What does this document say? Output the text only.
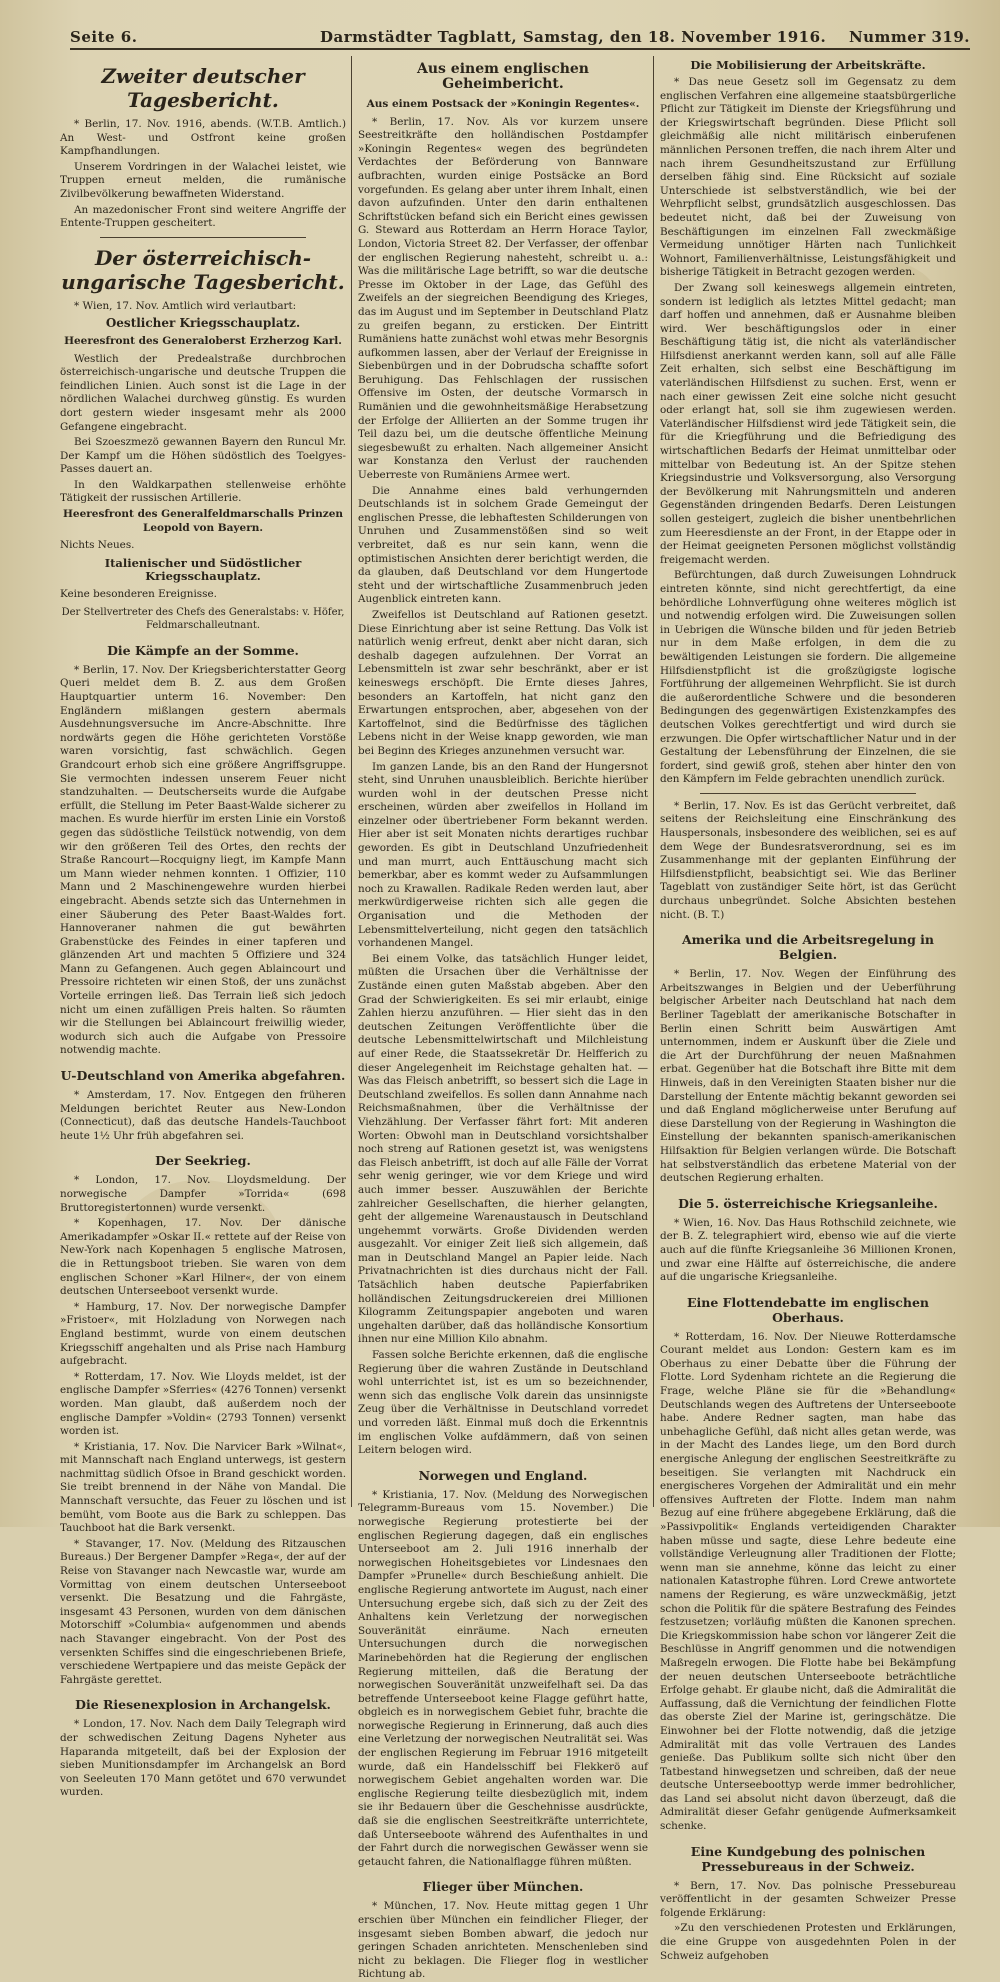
Seite 6.	Darmstädter Tagblatt, Samstag, den 18. November 1916. Nummer 319.
Zweiter deutscher Tagesbericht.

* Berlin, 17. Nov. 1916, abends. (W.T.B. Amtlich.) An West- und Ostfront keine großen Kampfhandlungen.

Unserem Vordringen in der Walachei leistet, wie Truppen erneut melden, die rumänische Zivilbevölkerung bewaffneten Widerstand.

An mazedonischer Front sind weitere Angriffe der Entente-Truppen gescheitert.

Der österreichisch-ungarische Tagesbericht.

* Wien, 17. Nov. Amtlich wird verlautbart:

Oestlicher Kriegsschauplatz.
Heeresfront des Generaloberst Erzherzog Karl.

Westlich der Predealstraße durchbrochen österreichisch-ungarische und deutsche Truppen die feindlichen Linien. Auch sonst ist die Lage in der nördlichen Walachei durchweg günstig. Es wurden dort gestern wieder insgesamt mehr als 2000 Gefangene eingebracht.

Bei Szoeszmezö gewannen Bayern den Runcul Mr. Der Kampf um die Höhen südöstlich des Toelgyes-Passes dauert an.

In den Waldkarpathen stellenweise erhöhte Tätigkeit der russischen Artillerie.

Heeresfront des Generalfeldmarschalls Prinzen Leopold von Bayern.

Nichts Neues.

Italienischer und Südöstlicher Kriegsschauplatz.

Keine besonderen Ereignisse.

Der Stellvertreter des Chefs des Generalstabs: v. Höfer, Feldmarschalleutnant.
Die Kämpfe an der Somme.

* Berlin, 17. Nov. Der Kriegsberichterstatter Georg Queri meldet dem B. Z. aus dem Großen Hauptquartier unterm 16. November: Den Engländern mißlangen gestern abermals Ausdehnungsversuche im Ancre-Abschnitte. Ihre nordwärts gegen die Höhe gerichteten Vorstöße waren vorsichtig, fast schwächlich. Gegen Grandcourt erhob sich eine größere Angriffsgruppe. Sie vermochten indessen unserem Feuer nicht standzuhalten. — Deutscherseits wurde die Aufgabe erfüllt, die Stellung im Peter Baast-Walde sicherer zu machen. Es wurde hierfür im ersten Linie ein Vorstoß gegen das südöstliche Teilstück notwendig, von dem wir den größeren Teil des Ortes, den rechts der Straße Rancourt—Rocquigny liegt, im Kampfe Mann um Mann wieder nehmen konnten. 1 Offizier, 110 Mann und 2 Maschinengewehre wurden hierbei eingebracht. Abends setzte sich das Unternehmen in einer Säuberung des Peter Baast-Waldes fort. Hannoveraner nahmen die gut bewährten Grabenstücke des Feindes in einer tapferen und glänzenden Art und machten 5 Offiziere und 324 Mann zu Gefangenen. Auch gegen Ablaincourt und Pressoire richteten wir einen Stoß, der uns zunächst Vorteile erringen ließ. Das Terrain ließ sich jedoch nicht um einen zufälligen Preis halten. So räumten wir die Stellungen bei Ablaincourt freiwillig wieder, wodurch sich auch die Aufgabe von Pressoire notwendig machte.

U-Deutschland von Amerika abgefahren.

* Amsterdam, 17. Nov. Entgegen den früheren Meldungen berichtet Reuter aus New-London (Connecticut), daß das deutsche Handels-Tauchboot heute 1½ Uhr früh abgefahren sei.

Der Seekrieg.

* London, 17. Nov. Lloydsmeldung. Der norwegische Dampfer »Torrida« (698 Bruttoregistertonnen) wurde versenkt.

* Kopenhagen, 17. Nov. Der dänische Amerikadampfer »Oskar II.« rettete auf der Reise von New-York nach Kopenhagen 5 englische Matrosen, die in Rettungsboot trieben. Sie waren von dem englischen Schoner »Karl Hilner«, der von einem deutschen Unterseeboot versenkt wurde.

* Hamburg, 17. Nov. Der norwegische Dampfer »Fristoer«, mit Holzladung von Norwegen nach England bestimmt, wurde von einem deutschen Kriegsschiff angehalten und als Prise nach Hamburg aufgebracht.

* Rotterdam, 17. Nov. Wie Lloyds meldet, ist der englische Dampfer »Sferries« (4276 Tonnen) versenkt worden. Man glaubt, daß außerdem noch der englische Dampfer »Voldin« (2793 Tonnen) versenkt worden ist.

* Kristiania, 17. Nov. Die Narvicer Bark »Wilnat«, mit Mannschaft nach England unterwegs, ist gestern nachmittag südlich Ofsoe in Brand geschickt worden. Sie treibt brennend in der Nähe von Mandal. Die Mannschaft versuchte, das Feuer zu löschen und ist bemüht, vom Boote aus die Bark zu schleppen. Das Tauchboot hat die Bark versenkt.

* Stavanger, 17. Nov. (Meldung des Ritzauschen Bureaus.) Der Bergener Dampfer »Rega«, der auf der Reise von Stavanger nach Newcastle war, wurde am Vormittag von einem deutschen Unterseeboot versenkt. Die Besatzung und die Fahrgäste, insgesamt 43 Personen, wurden von dem dänischen Motorschiff »Columbia« aufgenommen und abends nach Stavanger eingebracht. Von der Post des versenkten Schiffes sind die eingeschriebenen Briefe, verschiedene Wertpapiere und das meiste Gepäck der Fahrgäste gerettet.

Die Riesenexplosion in Archangelsk.

* London, 17. Nov. Nach dem Daily Telegraph wird der schwedischen Zeitung Dagens Nyheter aus Haparanda mitgeteilt, daß bei der Explosion der sieben Munitionsdampfer im Archangelsk an Bord von Seeleuten 170 Mann getötet und 670 verwundet wurden.

Aus einem englischen Geheimbericht.
Aus einem Postsack der »Koningin Regentes«.

* Berlin, 17. Nov. Als vor kurzem unsere Seestreitkräfte den holländischen Postdampfer »Koningin Regentes« wegen des begründeten Verdachtes der Beförderung von Bannware aufbrachten, wurden einige Postsäcke an Bord vorgefunden. Es gelang aber unter ihrem Inhalt, einen davon aufzufinden. Unter den darin enthaltenen Schriftstücken befand sich ein Bericht eines gewissen G. Steward aus Rotterdam an Herrn Horace Taylor, London, Victoria Street 82. Der Verfasser, der offenbar der englischen Regierung nahesteht, schreibt u. a.: Was die militärische Lage betrifft, so war die deutsche Presse im Oktober in der Lage, das Gefühl des Zweifels an der siegreichen Beendigung des Krieges, das im August und im September in Deutschland Platz zu greifen begann, zu ersticken. Der Eintritt Rumäniens hatte zunächst wohl etwas mehr Besorgnis aufkommen lassen, aber der Verlauf der Ereignisse in Siebenbürgen und in der Dobrudscha schaffte sofort Beruhigung. Das Fehlschlagen der russischen Offensive im Osten, der deutsche Vormarsch in Rumänien und die gewohnheitsmäßige Herabsetzung der Erfolge der Alliierten an der Somme trugen ihr Teil dazu bei, um die deutsche öffentliche Meinung siegesbewußt zu erhalten. Nach allgemeiner Ansicht war Konstanza den Verlust der rauchenden Ueberreste von Rumäniens Armee wert.

Die Annahme eines bald verhungernden Deutschlands ist in solchem Grade Gemeingut der englischen Presse, die lebhaftesten Schilderungen von Unruhen und Zusammenstößen sind so weit verbreitet, daß es nur sein kann, wenn die optimistischen Ansichten derer berichtigt werden, die da glauben, daß Deutschland vor dem Hungertode steht und der wirtschaftliche Zusammenbruch jeden Augenblick eintreten kann.

Zweifellos ist Deutschland auf Rationen gesetzt. Diese Einrichtung aber ist seine Rettung. Das Volk ist natürlich wenig erfreut, denkt aber nicht daran, sich deshalb dagegen aufzulehnen. Der Vorrat an Lebensmitteln ist zwar sehr beschränkt, aber er ist keineswegs erschöpft. Die Ernte dieses Jahres, besonders an Kartoffeln, hat nicht ganz den Erwartungen entsprochen, aber, abgesehen von der Kartoffelnot, sind die Bedürfnisse des täglichen Lebens nicht in der Weise knapp geworden, wie man bei Beginn des Krieges anzunehmen versucht war.

Im ganzen Lande, bis an den Rand der Hungersnot steht, sind Unruhen unausbleiblich. Berichte hierüber wurden wohl in der deutschen Presse nicht erscheinen, würden aber zweifellos in Holland im einzelner oder übertriebener Form bekannt werden. Hier aber ist seit Monaten nichts derartiges ruchbar geworden. Es gibt in Deutschland Unzufriedenheit und man murrt, auch Enttäuschung macht sich bemerkbar, aber es kommt weder zu Aufsammlungen noch zu Krawallen. Radikale Reden werden laut, aber merkwürdigerweise richten sich alle gegen die Organisation und die Methoden der Lebensmittelverteilung, nicht gegen den tatsächlich vorhandenen Mangel.

Bei einem Volke, das tatsächlich Hunger leidet, müßten die Ursachen über die Verhältnisse der Zustände einen guten Maßstab abgeben. Aber den Grad der Schwierigkeiten. Es sei mir erlaubt, einige Zahlen hierzu anzuführen. — Hier sieht das in den deutschen Zeitungen Veröffentlichte über die deutsche Lebensmittelwirtschaft und Milchleistung auf einer Rede, die Staatssekretär Dr. Helfferich zu dieser Angelegenheit im Reichstage gehalten hat. — Was das Fleisch anbetrifft, so bessert sich die Lage in Deutschland zweifellos. Es sollen dann Annahme nach Reichsmaßnahmen, über die Verhältnisse der Viehzählung. Der Verfasser fährt fort: Mit anderen Worten: Obwohl man in Deutschland vorsichtshalber noch streng auf Rationen gesetzt ist, was wenigstens das Fleisch anbetrifft, ist doch auf alle Fälle der Vorrat sehr wenig geringer, wie vor dem Kriege und wird auch immer besser. Auszuwählen der Berichte zahlreicher Gesellschaften, die hierher gelangten, geht der allgemeine Warenaustausch in Deutschland ungehemmt vorwärts. Große Dividenden werden ausgezahlt. Vor einiger Zeit ließ sich allgemein, daß man in Deutschland Mangel an Papier leide. Nach Privatnachrichten ist dies durchaus nicht der Fall. Tatsächlich haben deutsche Papierfabriken holländischen Zeitungsdruckereien drei Millionen Kilogramm Zeitungspapier angeboten und waren ungehalten darüber, daß das holländische Konsortium ihnen nur eine Million Kilo abnahm.

Fassen solche Berichte erkennen, daß die englische Regierung über die wahren Zustände in Deutschland wohl unterrichtet ist, ist es um so bezeichnender, wenn sich das englische Volk darein das unsinnigste Zeug über die Verhältnisse in Deutschland vorredet und vorreden läßt. Einmal muß doch die Erkenntnis im englischen Volke aufdämmern, daß von seinen Leitern belogen wird.

Norwegen und England.

* Kristiania, 17. Nov. (Meldung des Norwegischen Telegramm-Bureaus vom 15. November.) Die norwegische Regierung protestierte bei der englischen Regierung dagegen, daß ein englisches Unterseeboot am 2. Juli 1916 innerhalb der norwegischen Hoheitsgebietes vor Lindesnaes den Dampfer »Prunelle« durch Beschießung anhielt. Die englische Regierung antwortete im August, nach einer Untersuchung ergebe sich, daß sich zu der Zeit des Anhaltens kein Verletzung der norwegischen Souveränität einräume. Nach erneuten Untersuchungen durch die norwegischen Marinebehörden hat die Regierung der englischen Regierung mitteilen, daß die Beratung der norwegischen Souveränität unzweifelhaft sei. Da das betreffende Unterseeboot keine Flagge geführt hatte, obgleich es in norwegischem Gebiet fuhr, brachte die norwegische Regierung in Erinnerung, daß auch dies eine Verletzung der norwegischen Neutralität sei. Was der englischen Regierung im Februar 1916 mitgeteilt wurde, daß ein Handelsschiff bei Flekkerö auf norwegischem Gebiet angehalten worden war. Die englische Regierung teilte diesbezüglich mit, indem sie ihr Bedauern über die Geschehnisse ausdrückte, daß sie die englischen Seestreitkräfte unterrichtete, daß Unterseeboote während des Aufenthaltes in und der Fahrt durch die norwegischen Gewässer wenn sie getaucht fahren, die Nationalflagge führen müßten.

Flieger über München.

* München, 17. Nov. Heute mittag gegen 1 Uhr erschien über München ein feindlicher Flieger, der insgesamt sieben Bomben abwarf, die jedoch nur geringen Schaden anrichteten. Menschenleben sind nicht zu beklagen. Die Flieger flog in westlicher Richtung ab.

Die Mobilisierung der Arbeitskräfte.

* Das neue Gesetz soll im Gegensatz zu dem englischen Verfahren eine allgemeine staatsbürgerliche Pflicht zur Tätigkeit im Dienste der Kriegsführung und der Kriegswirtschaft begründen. Diese Pflicht soll gleichmäßig alle nicht militärisch einberufenen männlichen Personen treffen, die nach ihrem Alter und nach ihrem Gesundheitszustand zur Erfüllung derselben fähig sind. Eine Rücksicht auf soziale Unterschiede ist selbstverständlich, wie bei der Wehrpflicht selbst, grundsätzlich ausgeschlossen. Das bedeutet nicht, daß bei der Zuweisung von Beschäftigungen im einzelnen Fall zweckmäßige Vermeidung unnötiger Härten nach Tunlichkeit Wohnort, Familienverhältnisse, Leistungsfähigkeit und bisherige Tätigkeit in Betracht gezogen werden.

Der Zwang soll keineswegs allgemein eintreten, sondern ist lediglich als letztes Mittel gedacht; man darf hoffen und annehmen, daß er Ausnahme bleiben wird. Wer beschäftigungslos oder in einer Beschäftigung tätig ist, die nicht als vaterländischer Hilfsdienst anerkannt werden kann, soll auf alle Fälle Zeit erhalten, sich selbst eine Beschäftigung im vaterländischen Hilfsdienst zu suchen. Erst, wenn er nach einer gewissen Zeit eine solche nicht gesucht oder erlangt hat, soll sie ihm zugewiesen werden. Vaterländischer Hilfsdienst wird jede Tätigkeit sein, die für die Kriegführung und die Befriedigung des wirtschaftlichen Bedarfs der Heimat unmittelbar oder mittelbar von Bedeutung ist. An der Spitze stehen Kriegsindustrie und Volksversorgung, also Versorgung der Bevölkerung mit Nahrungsmitteln und anderen Gegenständen dringenden Bedarfs. Deren Leistungen sollen gesteigert, zugleich die bisher unentbehrlichen zum Heeresdienste an der Front, in der Etappe oder in der Heimat geeigneten Personen möglichst vollständig freigemacht werden.

Befürchtungen, daß durch Zuweisungen Lohndruck eintreten könnte, sind nicht gerechtfertigt, da eine behördliche Lohnverfügung ohne weiteres möglich ist und notwendig erfolgen wird. Die Zuweisungen sollen in Uebrigen die Wünsche bilden und für jeden Betrieb nur in dem Maße erfolgen, in dem die zu bewältigenden Leistungen sie fordern. Die allgemeine Hilfsdienstpflicht ist die großzügigste logische Fortführung der allgemeinen Wehrpflicht. Sie ist durch die außerordentliche Schwere und die besonderen Bedingungen des gegenwärtigen Existenzkampfes des deutschen Volkes gerechtfertigt und wird durch sie erzwungen. Die Opfer wirtschaftlicher Natur und in der Gestaltung der Lebensführung der Einzelnen, die sie fordert, sind gewiß groß, stehen aber hinter den von den Kämpfern im Felde gebrachten unendlich zurück.

* Berlin, 17. Nov. Es ist das Gerücht verbreitet, daß seitens der Reichsleitung eine Einschränkung des Hauspersonals, insbesondere des weiblichen, sei es auf dem Wege der Bundesratsverordnung, sei es im Zusammenhange mit der geplanten Einführung der Hilfsdienstpflicht, beabsichtigt sei. Wie das Berliner Tageblatt von zuständiger Seite hört, ist das Gerücht durchaus unbegründet. Solche Absichten bestehen nicht. (B. T.)

Amerika und die Arbeitsregelung in Belgien.

* Berlin, 17. Nov. Wegen der Einführung des Arbeitszwanges in Belgien und der Ueberführung belgischer Arbeiter nach Deutschland hat nach dem Berliner Tageblatt der amerikanische Botschafter in Berlin einen Schritt beim Auswärtigen Amt unternommen, indem er Auskunft über die Ziele und die Art der Durchführung der neuen Maßnahmen erbat. Gegenüber hat die Botschaft ihre Bitte mit dem Hinweis, daß in den Vereinigten Staaten bisher nur die Darstellung der Entente mächtig bekannt geworden sei und daß England möglicherweise unter Berufung auf diese Darstellung von der Regierung in Washington die Einstellung der bekannten spanisch-amerikanischen Hilfsaktion für Belgien verlangen würde. Die Botschaft hat selbstverständlich das erbetene Material von der deutschen Regierung erhalten.

Die 5. österreichische Kriegsanleihe.

* Wien, 16. Nov. Das Haus Rothschild zeichnete, wie der B. Z. telegraphiert wird, ebenso wie auf die vierte auch auf die fünfte Kriegsanleihe 36 Millionen Kronen, und zwar eine Hälfte auf österreichische, die andere auf die ungarische Kriegsanleihe.

Eine Flottendebatte im englischen Oberhaus.

* Rotterdam, 16. Nov. Der Nieuwe Rotterdamsche Courant meldet aus London: Gestern kam es im Oberhaus zu einer Debatte über die Führung der Flotte. Lord Sydenham richtete an die Regierung die Frage, welche Pläne sie für die »Behandlung« Deutschlands wegen des Auftretens der Unterseeboote habe. Andere Redner sagten, man habe das unbehagliche Gefühl, daß nicht alles getan werde, was in der Macht des Landes liege, um den Bord durch energische Anlegung der englischen Seestreitkräfte zu beseitigen. Sie verlangten mit Nachdruck ein energischeres Vorgehen der Admiralität und ein mehr offensives Auftreten der Flotte. Indem man nahm Bezug auf eine frühere abgegebene Erklärung, daß die »Passivpolitik« Englands verteidigenden Charakter haben müsse und sagte, diese Lehre bedeute eine vollständige Verleugnung aller Traditionen der Flotte; wenn man sie annehme, könne das leicht zu einer nationalen Katastrophe führen. Lord Crewe antwortete namens der Regierung, es wäre unzweckmäßig, jetzt schon die Politik für die spätere Bestrafung des Feindes festzusetzen; vorläufig müßten die Kanonen sprechen. Die Kriegskommission habe schon vor längerer Zeit die Beschlüsse in Angriff genommen und die notwendigen Maßregeln erwogen. Die Flotte habe bei Bekämpfung der neuen deutschen Unterseeboote beträchtliche Erfolge gehabt. Er glaube nicht, daß die Admiralität die Auffassung, daß die Vernichtung der feindlichen Flotte das oberste Ziel der Marine ist, geringschätze. Die Einwohner bei der Flotte notwendig, daß die jetzige Admiralität mit das volle Vertrauen des Landes genieße. Das Publikum sollte sich nicht über den Tatbestand hinwegsetzen und schreiben, daß der neue deutsche Unterseeboottyp werde immer bedrohlicher, das Land sei absolut nicht davon überzeugt, daß die Admiralität dieser Gefahr genügende Aufmerksamkeit schenke.

Eine Kundgebung des polnischen Pressebureaus in der Schweiz.

* Bern, 17. Nov. Das polnische Pressebureau veröffentlicht in der gesamten Schweizer Presse folgende Erklärung:

»Zu den verschiedenen Protesten und Erklärungen, die eine Gruppe von ausgedehnten Polen in der Schweiz aufgehoben
